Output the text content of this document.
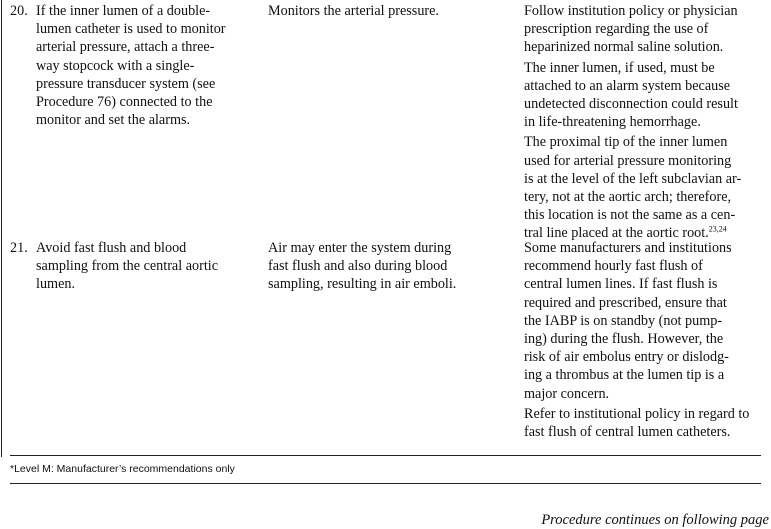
20. If the inner lumen of a double-
lumen catheter is used to monitor
arterial pressure, attach a three-
way stopcock with a single-
pressure transducer system (see
Procedure 76) connected to the
monitor and set the alarms.
Monitors the arterial pressure.	Follow institution policy or physician
prescription regarding the use of
heparinized normal saline solution.
The inner lumen, if used, must be
attached to an alarm system because
undetected disconnection could result
in life-threatening hemorrhage.
The proximal tip of the inner lumen
used for arterial pressure monitoring
is at the level of the left subclavian ar-
tery, not at the aortic arch; therefore,
this location is not the same as a cen-
tral line placed at the aortic root.$^{23,24}$
21. Avoid fast flush and blood
sampling from the central aortic
lumen.
Air may enter the system during
fast flush and also during blood
sampling, resulting in air emboli.
Some manufacturers and institutions
recommend hourly fast flush of
central lumen lines. If fast flush is
required and prescribed, ensure that
the IABP is on standby (not pump-
ing) during the flush. However, the
risk of air embolus entry or dislodg-
ing a thrombus at the lumen tip is a
major concern.
Refer to institutional policy in regard to
fast flush of central lumen catheters.
*Level M: Manufacturer’s recommendations only
Procedure continues on following page
